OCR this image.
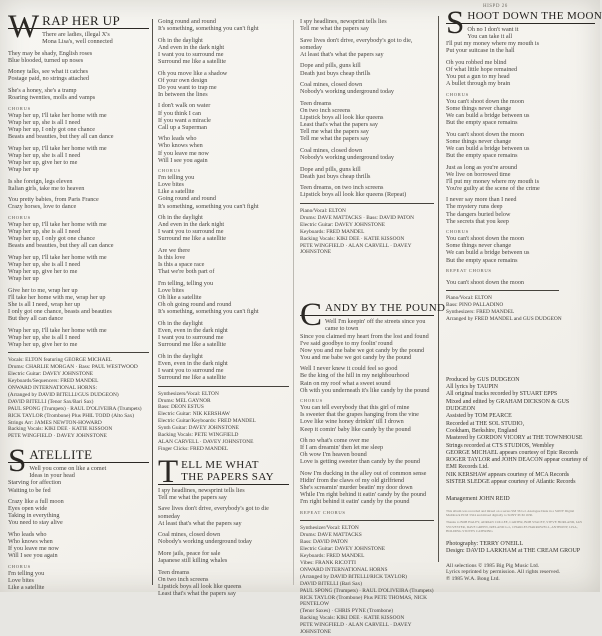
HISPD 26
W RAP HER UP
There are ladies, illegal X's
Mona Lisa's, well connected
They may be shady, English roses
Blue blooded, turned up noses
Money talks, see what it catches
Postage paid, no strings attached
She's a honey, she's a tramp
Roaring twenties, molls and vamps
CHORUS
Wrap her up, I'll take her home with me
Wrap her up, she is all I need
Wrap her up, I only got one chance
Beasts and beauties, but they all can dance
Wrap her up, I'll take her home with me
Wrap her up, she is all I need
Wrap her up, give her to me
Wrap her up
Is she foreign, legs eleven
Italian girls, take me to heaven
You pretty babies, from Paris France
Crazy horses, love to dance
CHORUS
Wrap her up, I'll take her home with me
Wrap her up, she is all I need
Wrap her up, I only got one chance
Beasts and beauties, but they all can dance
Wrap her up, I'll take her home with me
Wrap her up, she is all I need
Wrap her up, give her to me
Wrap her up
Give her to me, wrap her up
I'll take her home with me, wrap her up
She is all I need, wrap her up
I only got one chance, beasts and beauties
But they all can dance
Wrap her up, I'll take her home with me
Wrap her up, she is all I need
Wrap her up, give her to me
Vocals: ELTON featuring GEORGE MICHAEL
Drums: CHARLIE MORGAN · Bass: PAUL WESTWOOD
Electric Guitar: DAVEY JOHNSTONE
Keyboards/Sequencers: FRED MANDEL
ONWARD INTERNATIONAL HORNS:
(Arranged by DAVID BITELLI/GUS DUDGEON)
DAVID BITELLI (Tenor Sax/Bari Sax)
PAUL SPONG (Trumpets) · RAUL D'OLIVEIRA (Trumpets)
RICK TAYLOR (Trombone) Plus PHIL TODD (Alto Sax)
Strings Arr: JAMES NEWTON-HOWARD
Backing Vocals: KIKI DEE · KATIE KISSOON
PETE WINGFIELD · DAVEY JOHNSTONE
S ATELLITE
Well you come on like a comet
Ideas in your head
Starving for affection
Waiting to be fed
Crazy like a full moon
Eyes open wide
Taking in everything
You need to stay alive
Who leads who
Who knows when
If you leave me now
Will I see you again
CHORUS
I'm telling you
Love bites
Like a satellite
Going round and round
It's something, something you can't fight
Oh in the daylight
And even in the dark night
I want you to surround me
Surround me like a satellite
Oh you move like a shadow
Of your own design
Do you want to trap me
In between the lines
I don't walk on water
If you think I can
If you want a miracle
Call up a Superman
Who leads who
Who knows when
If you leave me now
Will I see you again
CHORUS
I'm telling you
Love bites
Like a satellite
Going round and round
It's something, something you can't fight
Oh in the daylight
And even in the dark night
I want you to surround me
Surround me like a satellite
Are we there
Is this love
Is this a space race
That we're both part of
I'm telling, telling you
Love bites
Oh like a satellite
Oh oh going round and round
It's something, something you can't fight
Oh in the daylight
Even, even in the dark night
I want you to surround me
Surround me like a satellite
Oh in the daylight
Even, even in the dark night
I want you to surround me
Surround me like a satellite
Synthesizers/Vocal: ELTON
Drums: MEL GAYNOR
Bass: DEON ESTUS
Electric Guitar: NIK KERSHAW
Electric Guitar/Keyboards: FRED MANDEL
Synth Guitar: DAVEY JOHNSTONE
Backing Vocals: PETE WINGFIELD
ALAN CARVELL · DAVEY JOHNSTONE
Finger Clicks: FRED MANDEL
T ELL ME WHAT
THE PAPERS SAY
I spy headlines, newsprint tells lies
Tell me what the papers say
Save lives don't drive, everybody's got to die someday
At least that's what the papers say
Coal mines, closed down
Nobody's working underground today
More jails, peace for sale
Japanese still killing whales
Teen dreams
On two inch screens
Lipstick boys all look like queens
Least that's what the papers say
I spy headlines, newsprint tells lies
Tell me what the papers say
Save lives don't drive, everybody's got to die, someday
At least that's what the papers say
Dope and pills, guns kill
Death just buys cheap thrills
Coal mines, closed down
Nobody's working underground today
Teen dreams
On two inch screens
Lipstick boys all look like queens
Least that's what the papers say
Tell me what the papers say
Tell me what the papers say
Coal mines, closed down
Nobody's working underground today
Dope and pills, guns kill
Death just buys cheap thrills
Teen dreams, on two inch screens
Lipstick boys all look like queens (Repeat)
Piano/Vocal: ELTON
Drums: DAVE MATTACKS · Bass: DAVID PATON
Electric Guitar: DAVEY JOHNSTONE
Keyboards: FRED MANDEL
Backing Vocals: KIKI DEE · KATIE KISSOON
PETE WINGFIELD · ALAN CARVELL · DAVEY JOHNSTONE
C ANDY BY THE POUND
Well I'm keepin' off the streets since you came to town
Since you claimed my heart from the lost and found
I've said goodbye to my foolin' round
Now you and me babe we got candy by the pound
You and me babe we got candy by the pound
Well I never knew it could feel so good
Be the king of the hill in my neighbourhood
Rain on my roof what a sweet sound
Oh with you underneath it's like candy by the pound
CHORUS
You can tell everybody that this girl of mine
Is sweeter that the grapes hanging from the vine
Love like wine honey drinkin' till I drown
Keep it comin' baby like candy by the pound
Oh no what's come over me
If I am dreamin' then let me sleep
Oh wow I'm heaven bound
Love is getting sweeter than candy by the pound
Now I'm ducking in the alley out of common sense
Hidin' from the claws of my old girlfriend
She's screamin' murder beatin' my door down
While I'm right behind it eatin' candy by the pound
I'm right behind it eatin' candy by the pound
REPEAT CHORUS
Synthesizer/Vocal: ELTON
Drums: DAVE MATTACKS
Bass: DAVID PATON
Electric Guitar: DAVEY JOHNSTONE
Keyboards: FRED MANDEL
Vibes: FRANK RICOTTI
ONWARD INTERNATIONAL HORNS
(Arranged by DAVID BITELLI/RICK TAYLOR)
DAVID BITELLI (Bari Sax)
PAUL SPONG (Trumpets) · RAUL D'OLIVEIRA (Trumpets)
RICK TAYLOR (Trombone) Plus PETE THOMAS, NICK PENTELOW
(Tenor Saxes) · CHRIS PYNE (Trombone)
Backing Vocals: KIKI DEE · KATIE KISSOON
PETE WINGFIELD · ALAN CARVELL · DAVEY JOHNSTONE
S HOOT DOWN THE MOON
Oh no I don't want it
You can take it all
I'll put my money where my mouth is
Put your suitcase in the hall
Oh you robbed me blind
Of what little hope remained
You put a gun to my head
A bullet through my brain
CHORUS
You can't shoot down the moon
Some things never change
We can build a bridge between us
But the empty space remains
You can't shoot down the moon
Some things never change
We can build a bridge between us
But the empty space remains
Just as long as you're around
We live on borrowed time
I'll put my money where my mouth is
You're guilty at the scene of the crime
I never say more than I need
The mystery runs deep
The dangers buried below
The secrets that you keep
CHORUS
You can't shoot down the moon
Some things never change
We can build a bridge between us
But the empty space remains
REPEAT CHORUS
You can't shoot down the moon
Piano/Vocal: ELTON
Bass: PINO PALLADINO
Synthesizers: FRED MANDEL
Arranged by FRED MANDEL and GUS DUDGEON
Produced by GUS DUDGEON
All lyrics by TAUPIN
All original tracks recorded by STUART EPPS
Mixed and edited by GRAHAM DICKSON & GUS DUDGEON
Assisted by TOM PEARCE
Recorded at THE SOL STUDIO,
Cookham, Berkshire, England
Mastered by GORDON VICORY at THE TOWNHOUSE
Strings recorded at CTS STUDIOS, Wembley
GEORGE MICHAEL appears courtesy of Epic Records
ROGER TAYLOR and JOHN DEACON appear courtesy of
EMI Records Ltd.
NIK KERSHAW appears courtesy of MCA Records
SISTER SLEDGE appear courtesy of Atlantic Records
Management JOHN REID
This album was recorded and mixed on a series SM 36 G.I. Analogue Desk in a SONY Digital Multitrack PCM 3324 and mixed digitally to SONY PCM 1630.
Thanks to BOB HALEY, ADRIAN COLLEE, CARTER, BOB STACEY, STEVE HORLAND, IAN SYLVESTER, DAVE GREEN, IRELAND G.I., CHARLES HARROWELL, ANTHONY, LISA, HOLDING STOVES CATERING
Photography: TERRY O'NEILL
Design: DAVID LARKHAM at THE CREAM GROUP
All selections © 1985 Big Pig Music Ltd.
Lyrics reprinted by permission. All rights reserved.
℗ 1985 W.A. Bong Ltd.
